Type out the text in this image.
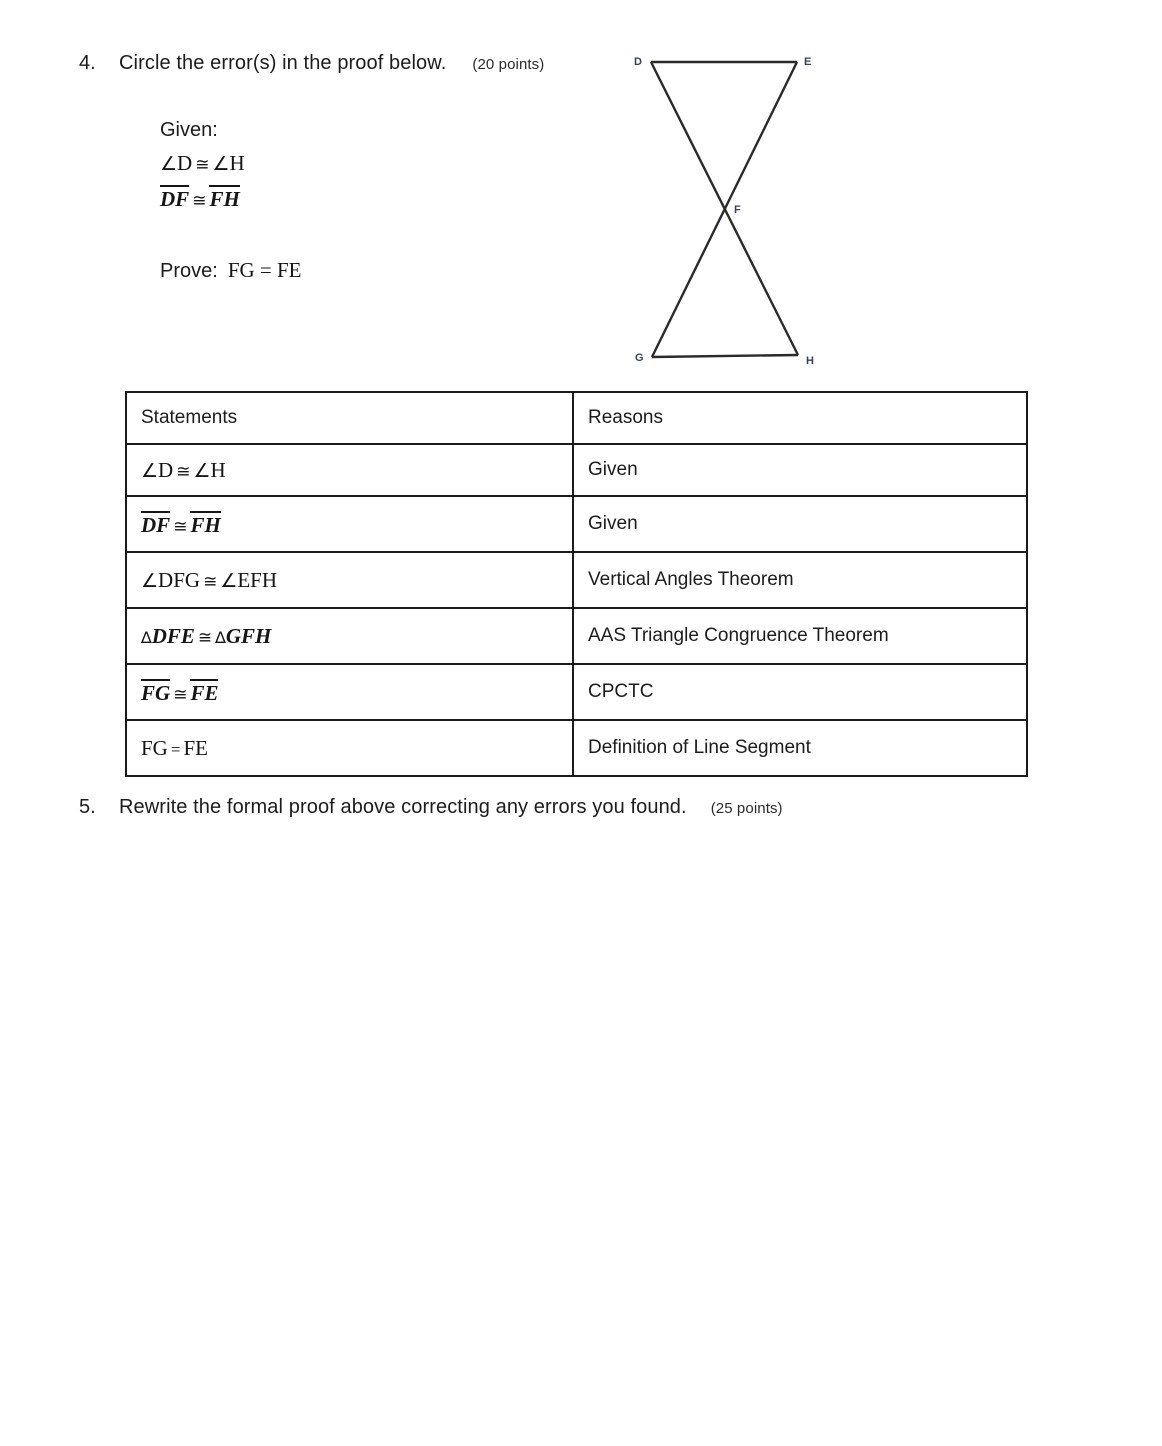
4.	Circle the error(s) in the proof below. (20 points)
Given:
∠D ≅ ∠H
DF ≅ FH
Prove: FG = FE
D	E
F
G	H
Statements	Reasons
∠D ≅ ∠H	Given
DF ≅ FH	Given
∠DFG ≅ ∠EFH	Vertical Angles Theorem
∆DFE ≅ ∆GFH	AAS Triangle Congruence Theorem
FG ≅ FE	CPCTC
FG = FE	Definition of Line Segment
5.	Rewrite the formal proof above correcting any errors you found. (25 points)
